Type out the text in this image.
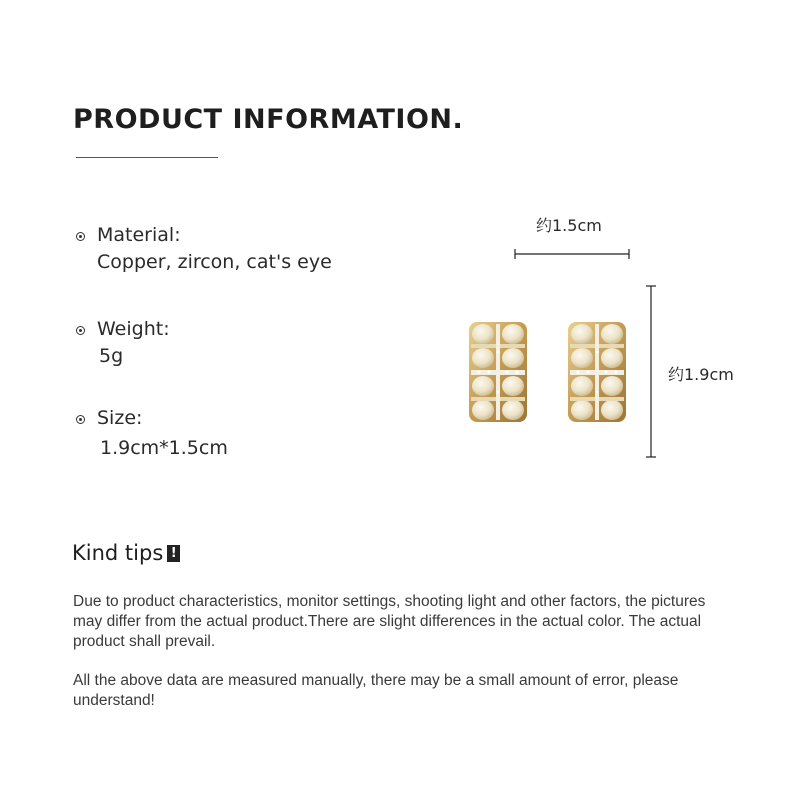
PRODUCT INFORMATION.
Material:
Copper, zircon, cat's eye
Weight:
5g
Size:
1.9cm*1.5cm
约1.5cm
约1.9cm
Kind tips !
Due to product characteristics, monitor settings, shooting light and other factors, the pictures may differ from the actual product.There are slight differences in the actual color. The actual product shall prevail.
All the above data are measured manually, there may be a small amount of error, please understand!
